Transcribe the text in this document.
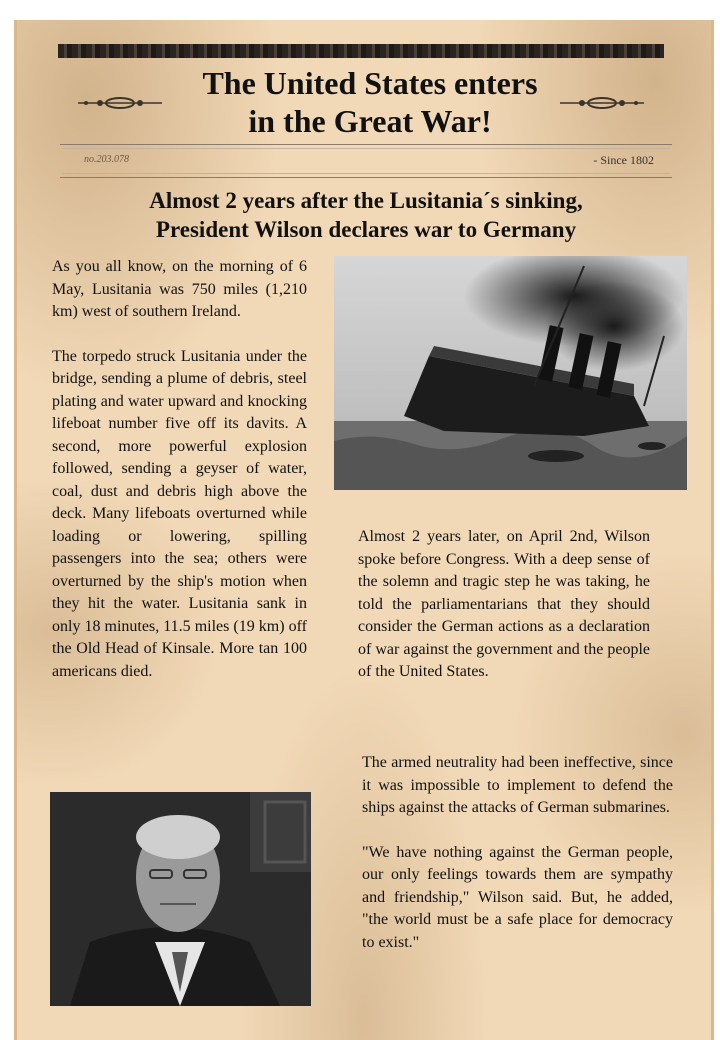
The United States enters
in the Great War!
no.203.078	- Since 1802
Almost 2 years after the Lusitania´s sinking,
President Wilson declares war to Germany

As you all know, on the morning of 6 May, Lusitania was 750 miles (1,210 km) west of southern Ireland.

The torpedo struck Lusitania under the bridge, sending a plume of debris, steel plating and water upward and knocking lifeboat number five off its davits. A second, more powerful explosion followed, sending a geyser of water, coal, dust and debris high above the deck. Many lifeboats overturned while loading or lowering, spilling passengers into the sea; others were overturned by the ship's motion when they hit the water. Lusitania sank in only 18 minutes, 11.5 miles (19 km) off the Old Head of Kinsale. More tan 100 americans died.

Almost 2 years later, on April 2nd, Wilson spoke before Congress. With a deep sense of the solemn and tragic step he was taking, he told the parliamentarians that they should consider the German actions as a declaration of war against the government and the people of the United States.

The armed neutrality had been ineffective, since it was impossible to implement to defend the ships against the attacks of German submarines.

"We have nothing against the German people, our only feelings towards them are sympathy and friendship," Wilson said. But, he added, "the world must be a safe place for democracy to exist."
